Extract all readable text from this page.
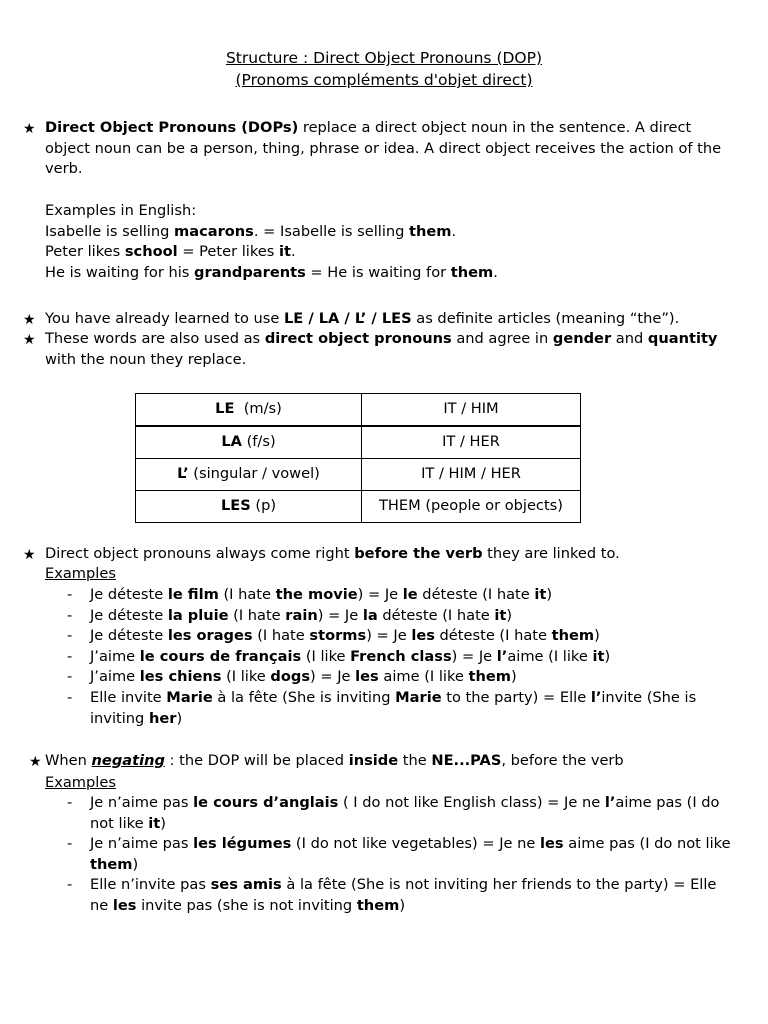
Structure : Direct Object Pronouns (DOP)
(Pronoms compléments d'objet direct)
★ Direct Object Pronouns (DOPs) replace a direct object noun in the sentence. A direct object noun can be a person, thing, phrase or idea. A direct object receives the action of the verb.
Examples in English:
Isabelle is selling macarons. = Isabelle is selling them.
Peter likes school = Peter likes it.
He is waiting for his grandparents = He is waiting for them.
★ You have already learned to use LE / LA / L’ / LES as definite articles (meaning “the”).
★ These words are also used as direct object pronouns and agree in gender and quantity with the noun they replace.
LE  (m/s)	IT / HIM
LA (f/s)	IT / HER
L’ (singular / vowel)	IT / HIM / HER
LES (p)	THEM (people or objects)
★ Direct object pronouns always come right before the verb they are linked to.
Examples
- Je déteste le film (I hate the movie) = Je le déteste (I hate it)
- Je déteste la pluie (I hate rain) = Je la déteste (I hate it)
- Je déteste les orages (I hate storms) = Je les déteste (I hate them)
- J’aime le cours de français (I like French class) = Je l’aime (I like it)
- J’aime les chiens (I like dogs) = Je les aime (I like them)
- Elle invite Marie à la fête (She is inviting Marie to the party) = Elle l’invite (She is inviting her)
★ When negating : the DOP will be placed inside the NE...PAS, before the verb
Examples
- Je n’aime pas le cours d’anglais ( I do not like English class) = Je ne l’aime pas (I do not like it)
- Je n’aime pas les légumes (I do not like vegetables) = Je ne les aime pas (I do not like them)
- Elle n’invite pas ses amis à la fête (She is not inviting her friends to the party) = Elle ne les invite pas (she is not inviting them)
